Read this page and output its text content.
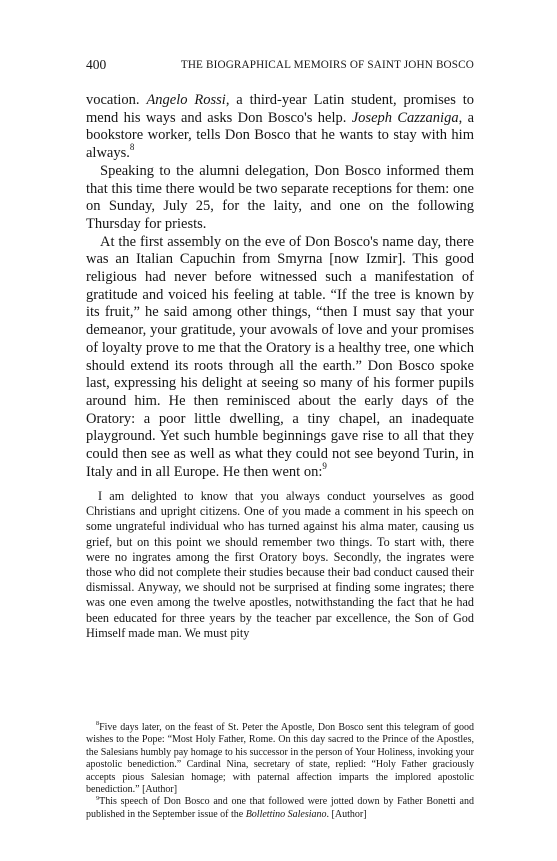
400	THE BIOGRAPHICAL MEMOIRS OF SAINT JOHN BOSCO

vocation. Angelo Rossi, a third-year Latin student, promises to mend his ways and asks Don Bosco's help. Joseph Cazzaniga, a bookstore worker, tells Don Bosco that he wants to stay with him always.$^8$

Speaking to the alumni delegation, Don Bosco informed them that this time there would be two separate receptions for them: one on Sunday, July 25, for the laity, and one on the following Thursday for priests.

At the first assembly on the eve of Don Bosco's name day, there was an Italian Capuchin from Smyrna [now Izmir]. This good religious had never before witnessed such a manifestation of gratitude and voiced his feeling at table. “If the tree is known by its fruit,” he said among other things, “then I must say that your demeanor, your gratitude, your avowals of love and your promises of loyalty prove to me that the Oratory is a healthy tree, one which should extend its roots through all the earth.” Don Bosco spoke last, expressing his delight at seeing so many of his former pupils around him. He then reminisced about the early days of the Oratory: a poor little dwelling, a tiny chapel, an inadequate playground. Yet such humble beginnings gave rise to all that they could then see as well as what they could not see beyond Turin, in Italy and in all Europe. He then went on:$^9$

I am delighted to know that you always conduct yourselves as good Christians and upright citizens. One of you made a comment in his speech on some ungrateful individual who has turned against his alma mater, causing us grief, but on this point we should remember two things. To start with, there were no ingrates among the first Oratory boys. Secondly, the ingrates were those who did not complete their studies because their bad conduct caused their dismissal. Anyway, we should not be surprised at finding some ingrates; there was one even among the twelve apostles, notwithstanding the fact that he had been educated for three years by the teacher par excellence, the Son of God Himself made man. We must pity

$^8$Five days later, on the feast of St. Peter the Apostle, Don Bosco sent this telegram of good wishes to the Pope: “Most Holy Father, Rome. On this day sacred to the Prince of the Apostles, the Salesians humbly pay homage to his successor in the person of Your Holiness, invoking your apostolic benediction.” Cardinal Nina, secretary of state, replied: “Holy Father graciously accepts pious Salesian homage; with paternal affection imparts the implored apostolic benediction.” [Author]

$^9$This speech of Don Bosco and one that followed were jotted down by Father Bonetti and published in the September issue of the Bollettino Salesiano. [Author]
